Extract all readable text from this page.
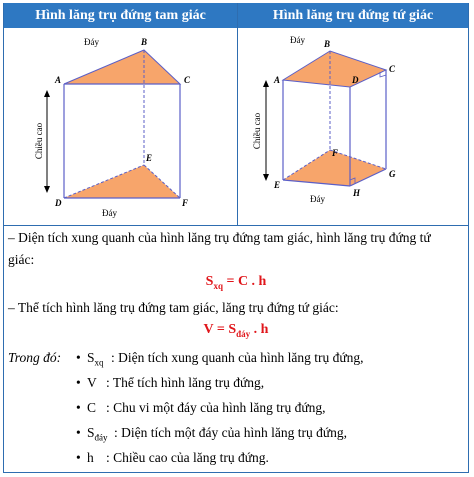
Hình lăng trụ đứng tam giác	Hình lăng trụ đứng tứ giác
Chiều cao
A
B
C
D
E
F
Đáy
Đáy
Chiều cao
A
B
C
D
E
F
G
H
Đáy
Đáy
– Diện tích xung quanh của hình lăng trụ đứng tam giác, hình lăng trụ đứng tứ
giác:
$S_{xq} = C$ . h
– Thể tích hình lăng trụ đứng tam giác, lăng trụ đứng tứ giác:
$V = S_{đáy}$ . h
Trong đó: • $S_{xq}$ : Diện tích xung quanh của hình lăng trụ đứng,
• V : Thể tích hình lăng trụ đứng,
• C : Chu vi một đáy của hình lăng trụ đứng,
• $S_{đáy}$ : Diện tích một đáy của hình lăng trụ đứng,
• h : Chiều cao của lăng trụ đứng.
